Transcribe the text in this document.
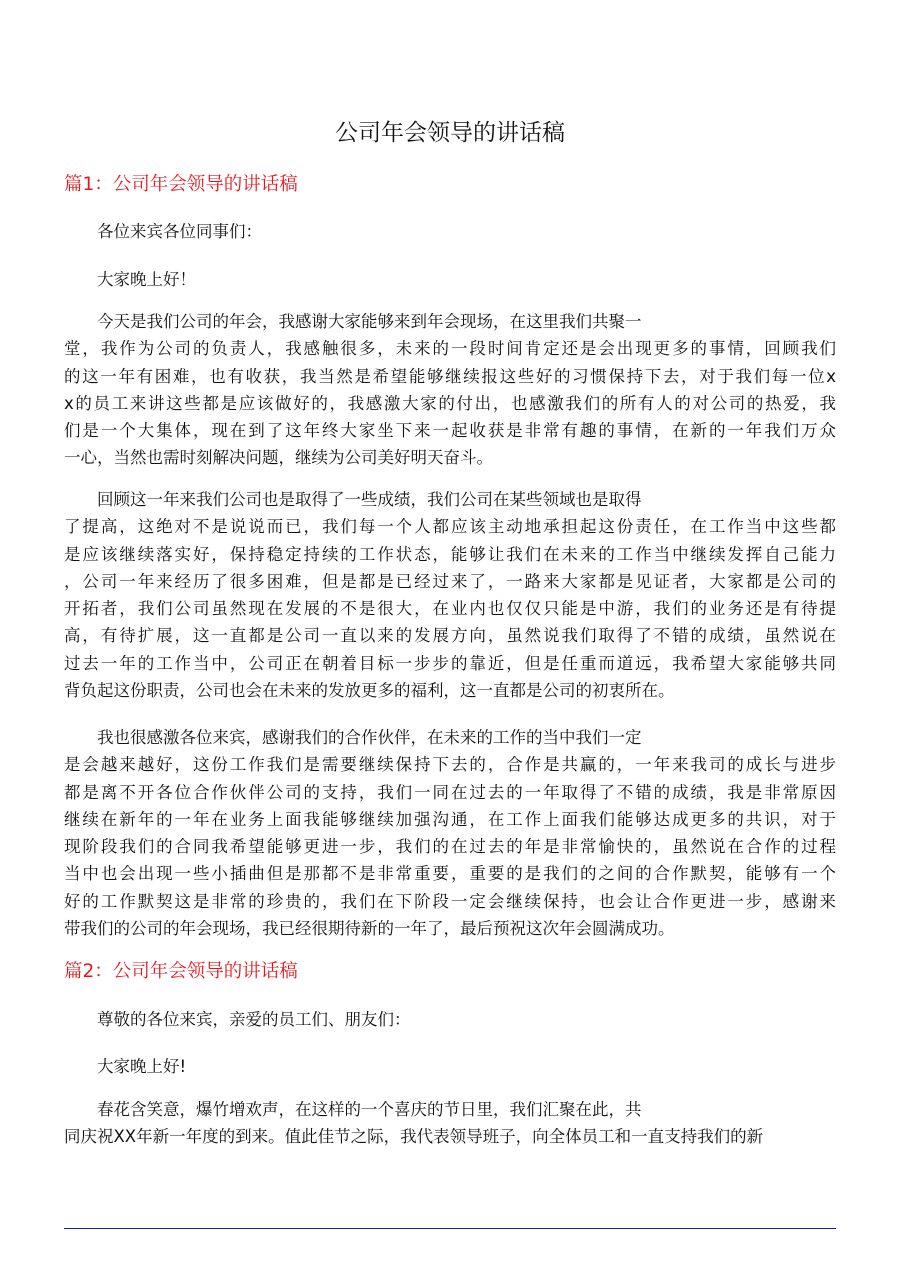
公司年会领导的讲话稿
篇1：公司年会领导的讲话稿
各位来宾各位同事们：
大家晚上好！
今天是我们公司的年会，我感谢大家能够来到年会现场，在这里我们共聚一
堂，我作为公司的负责人，我感触很多，未来的一段时间肯定还是会出现更多的事情，回顾我们
的这一年有困难，也有收获，我当然是希望能够继续报这些好的习惯保持下去，对于我们每一位x
x的员工来讲这些都是应该做好的，我感激大家的付出，也感激我们的所有人的对公司的热爱，我
们是一个大集体，现在到了这年终大家坐下来一起收获是非常有趣的事情，在新的一年我们万众
一心，当然也需时刻解决问题，继续为公司美好明天奋斗。
回顾这一年来我们公司也是取得了一些成绩，我们公司在某些领域也是取得
了提高，这绝对不是说说而已，我们每一个人都应该主动地承担起这份责任，在工作当中这些都
是应该继续落实好，保持稳定持续的工作状态，能够让我们在未来的工作当中继续发挥自己能力
，公司一年来经历了很多困难，但是都是已经过来了，一路来大家都是见证者，大家都是公司的
开拓者，我们公司虽然现在发展的不是很大，在业内也仅仅只能是中游，我们的业务还是有待提
高，有待扩展，这一直都是公司一直以来的发展方向，虽然说我们取得了不错的成绩，虽然说在
过去一年的工作当中，公司正在朝着目标一步步的靠近，但是任重而道远，我希望大家能够共同
背负起这份职责，公司也会在未来的发放更多的福利，这一直都是公司的初衷所在。
我也很感激各位来宾，感谢我们的合作伙伴，在未来的工作的当中我们一定
是会越来越好，这份工作我们是需要继续保持下去的，合作是共赢的，一年来我司的成长与进步
都是离不开各位合作伙伴公司的支持，我们一同在过去的一年取得了不错的成绩，我是非常原因
继续在新年的一年在业务上面我能够继续加强沟通，在工作上面我们能够达成更多的共识，对于
现阶段我们的合同我希望能够更进一步，我们的在过去的年是非常愉快的，虽然说在合作的过程
当中也会出现一些小插曲但是那都不是非常重要，重要的是我们的之间的合作默契，能够有一个
好的工作默契这是非常的珍贵的，我们在下阶段一定会继续保持，也会让合作更进一步，感谢来
带我们的公司的年会现场，我已经很期待新的一年了，最后预祝这次年会圆满成功。
篇2：公司年会领导的讲话稿
尊敬的各位来宾，亲爱的员工们、朋友们：
大家晚上好!
春花含笑意，爆竹增欢声，在这样的一个喜庆的节日里，我们汇聚在此，共
同庆祝XX年新一年度的到来。值此佳节之际，我代表领导班子，向全体员工和一直支持我们的新
